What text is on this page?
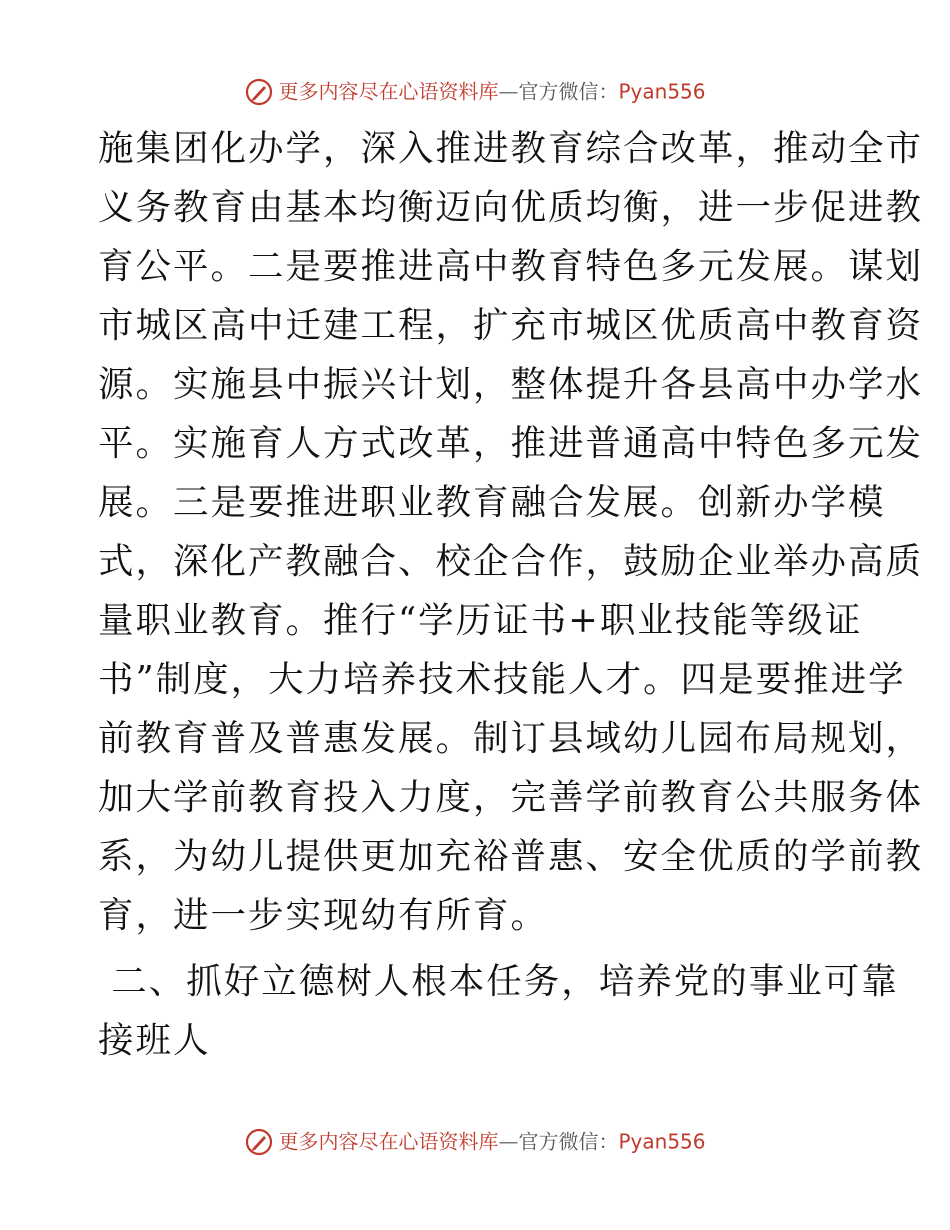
更多内容尽在心语资料库—官方微信：Pyan556
施集团化办学，深入推进教育综合改革，推动全市
义务教育由基本均衡迈向优质均衡，进一步促进教
育公平。二是要推进高中教育特色多元发展。谋划
市城区高中迁建工程，扩充市城区优质高中教育资
源。实施县中振兴计划，整体提升各县高中办学水
平。实施育人方式改革，推进普通高中特色多元发
展。三是要推进职业教育融合发展。创新办学模
式，深化产教融合、校企合作，鼓励企业举办高质
量职业教育。推行“学历证书+职业技能等级证
书”制度，大力培养技术技能人才。四是要推进学
前教育普及普惠发展。制订县域幼儿园布局规划，
加大学前教育投入力度，完善学前教育公共服务体
系，为幼儿提供更加充裕普惠、安全优质的学前教
育，进一步实现幼有所育。
二、抓好立德树人根本任务，培养党的事业可靠
接班人
更多内容尽在心语资料库—官方微信：Pyan556
